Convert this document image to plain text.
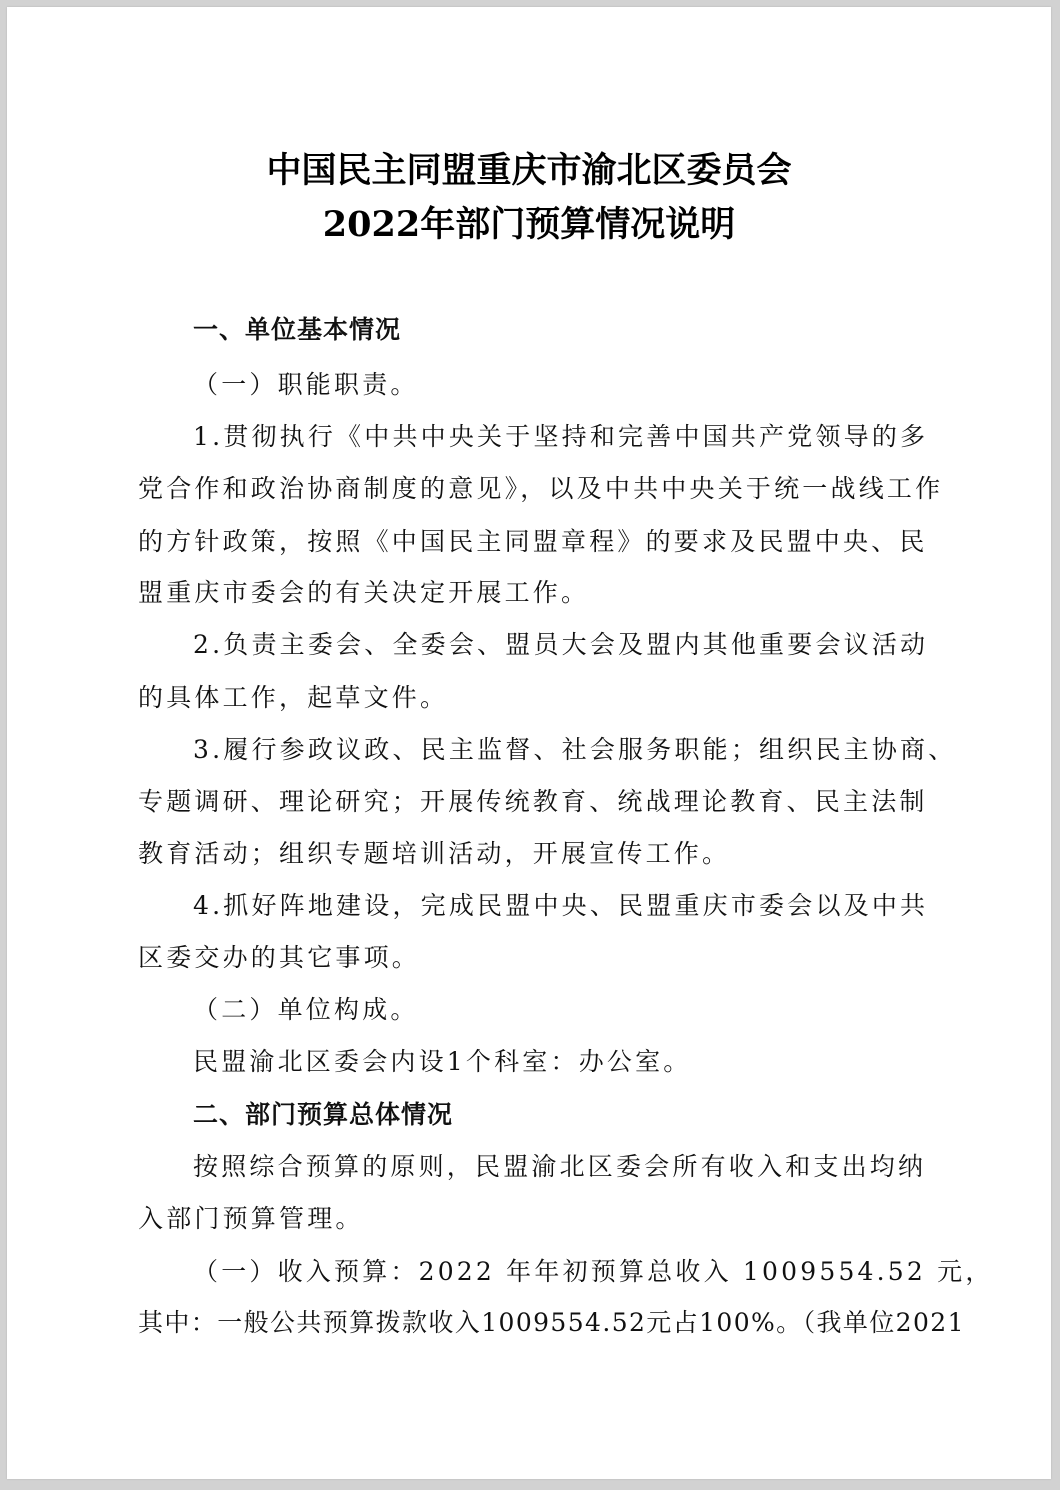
中国民主同盟重庆市渝北区委员会
2022年部门预算情况说明

一、单位基本情况

（一）职能职责。

1.贯彻执行《中共中央关于坚持和完善中国共产党领导的多

党合作和政治协商制度的意见》，以及中共中央关于统一战线工作

的方针政策，按照《中国民主同盟章程》的要求及民盟中央、民

盟重庆市委会的有关决定开展工作。

2.负责主委会、全委会、盟员大会及盟内其他重要会议活动

的具体工作，起草文件。

3.履行参政议政、民主监督、社会服务职能；组织民主协商、

专题调研、理论研究；开展传统教育、统战理论教育、民主法制

教育活动；组织专题培训活动，开展宣传工作。

4.抓好阵地建设，完成民盟中央、民盟重庆市委会以及中共

区委交办的其它事项。

（二）单位构成。

民盟渝北区委会内设1个科室：办公室。

二、部门预算总体情况

按照综合预算的原则，民盟渝北区委会所有收入和支出均纳

入部门预算管理。

（一）收入预算：2022 年年初预算总收入 1009554.52 元，

其中：一般公共预算拨款收入1009554.52元占100%。（我单位2021
